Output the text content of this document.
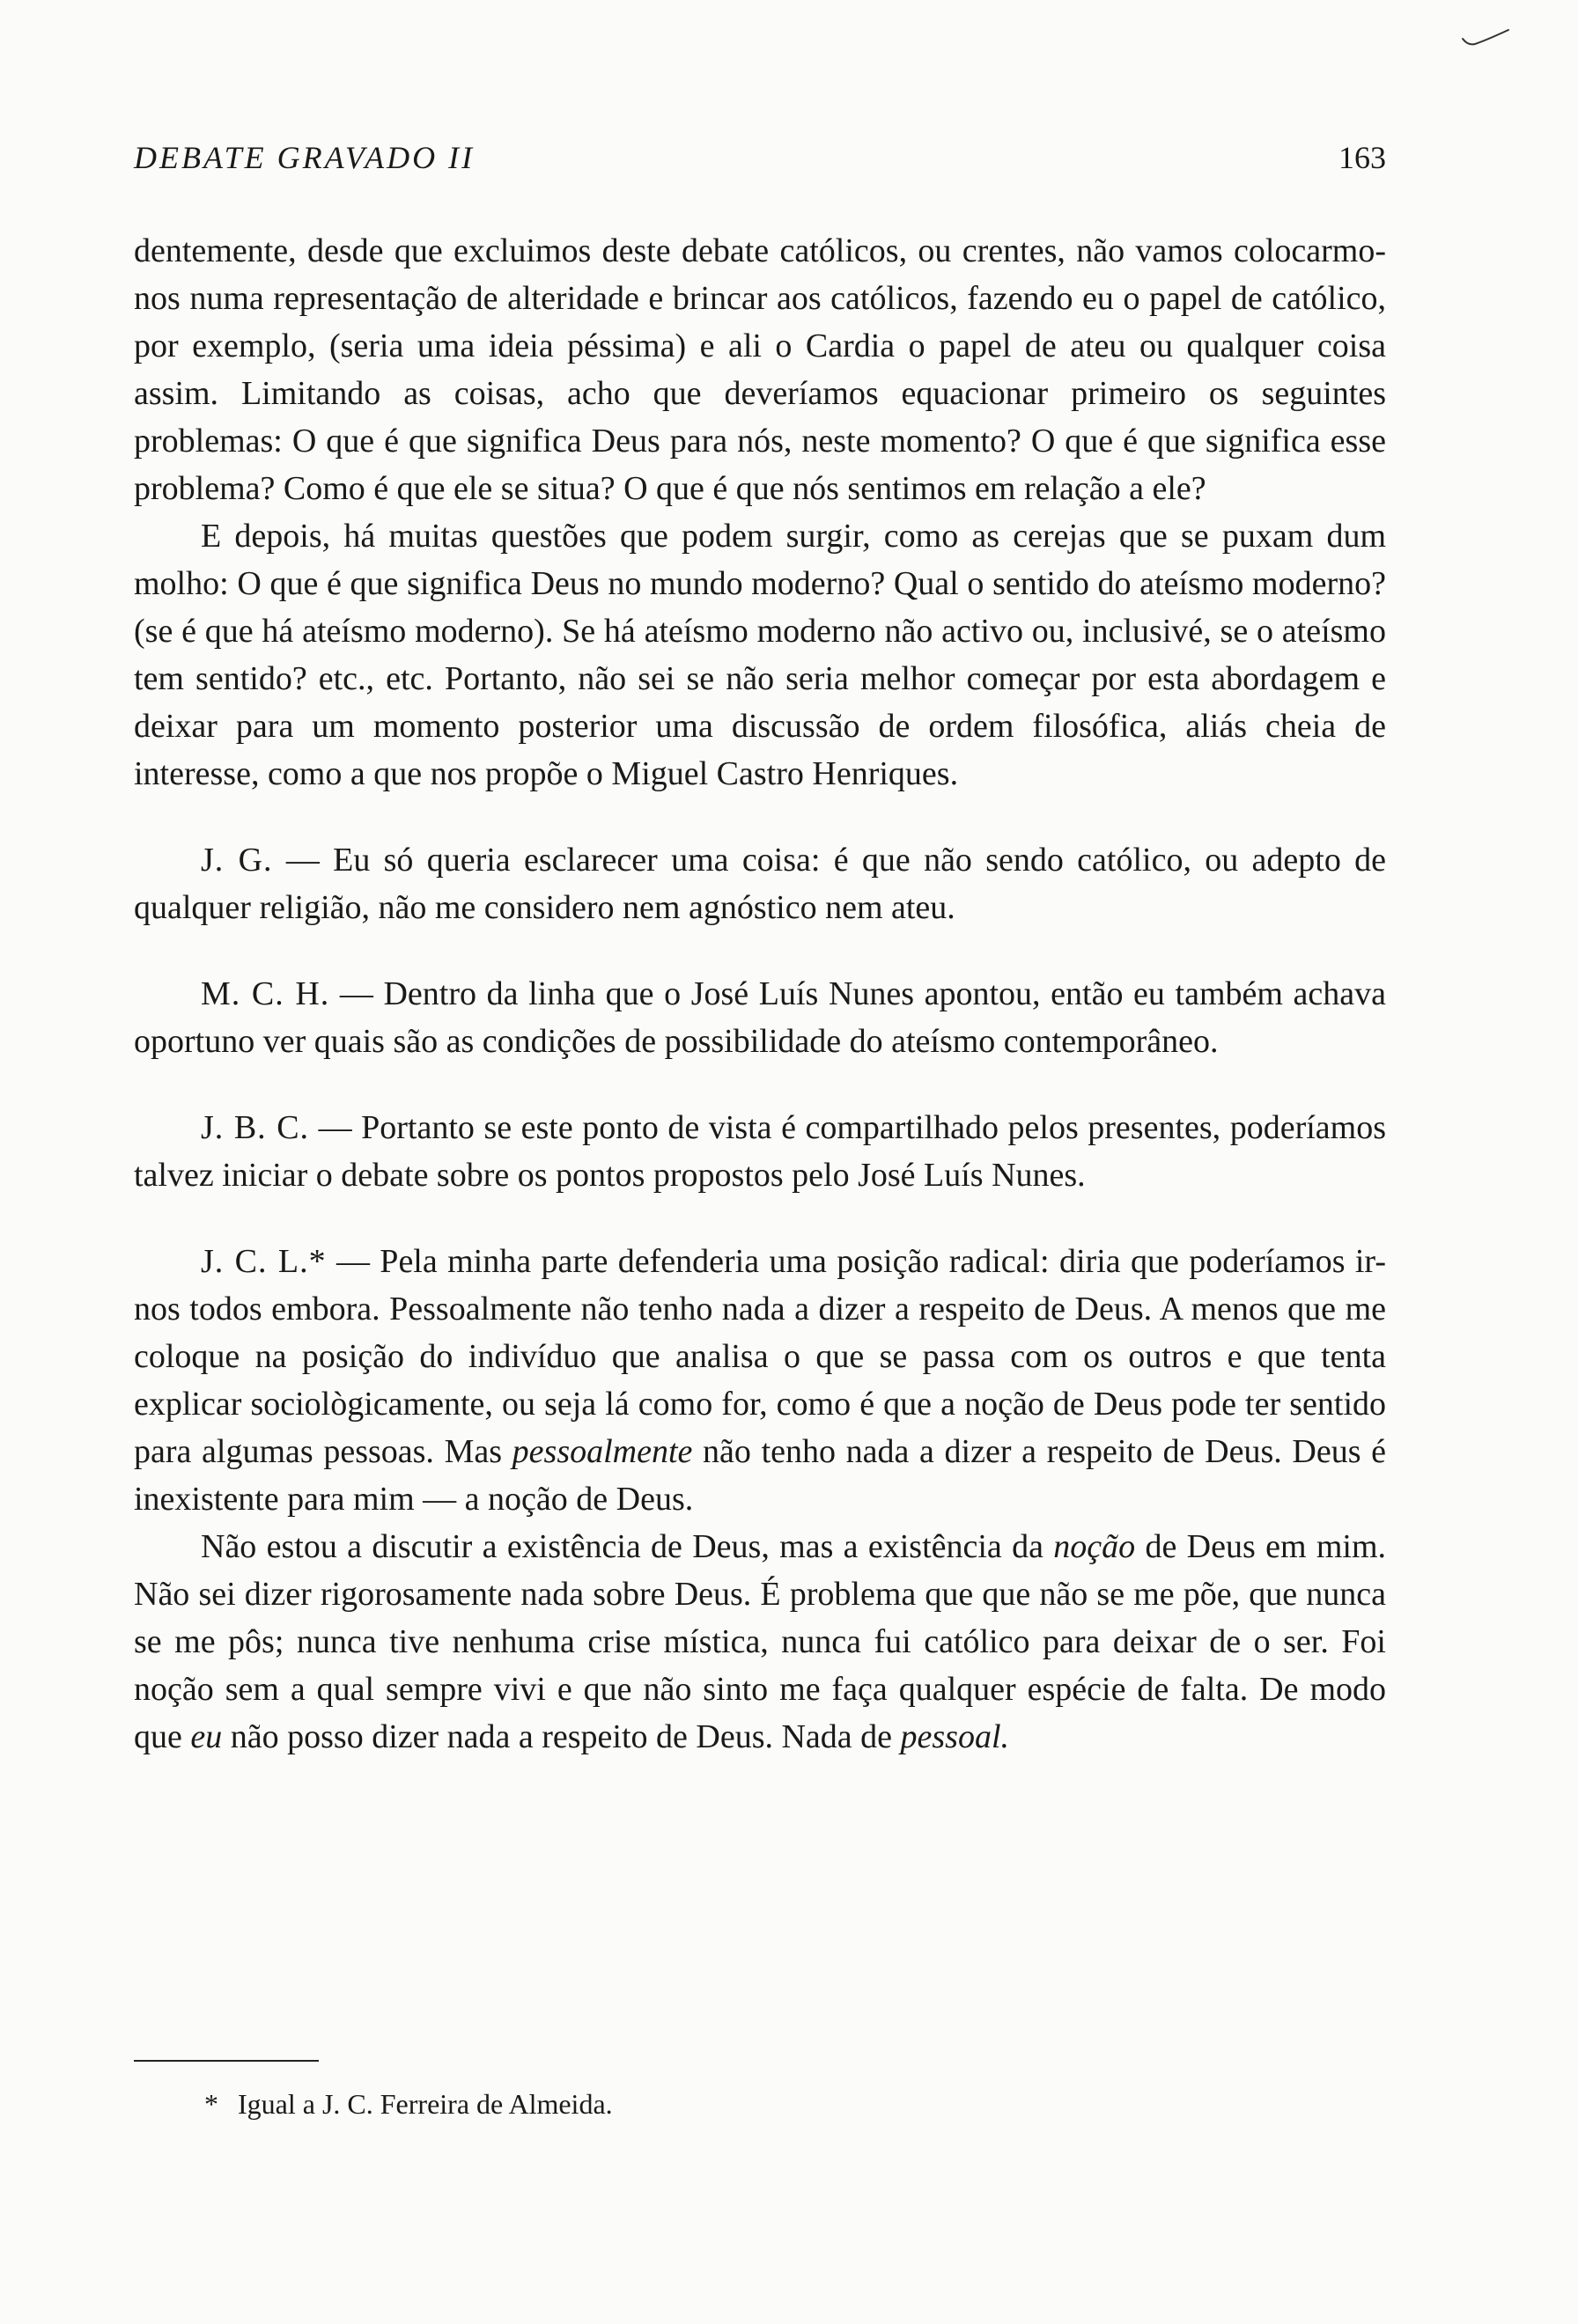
DEBATE GRAVADO II	163

dentemente, desde que excluimos deste debate católicos, ou crentes, não vamos colocarmo-nos numa representação de alteridade e brincar aos católicos, fazendo eu o papel de católico, por exemplo, (seria uma ideia péssima) e ali o Cardia o papel de ateu ou qualquer coisa assim. Limitando as coisas, acho que deveríamos equacionar primeiro os seguintes problemas: O que é que significa Deus para nós, neste momento? O que é que significa esse problema? Como é que ele se situa? O que é que nós sentimos em relação a ele?

E depois, há muitas questões que podem surgir, como as cerejas que se puxam dum molho: O que é que significa Deus no mundo moderno? Qual o sentido do ateísmo moderno? (se é que há ateísmo moderno). Se há ateísmo moderno não activo ou, inclusivé, se o ateísmo tem sentido? etc., etc. Portanto, não sei se não seria melhor começar por esta abordagem e deixar para um momento posterior uma discussão de ordem filosófica, aliás cheia de interesse, como a que nos propõe o Miguel Castro Henriques.

J. G. — Eu só queria esclarecer uma coisa: é que não sendo católico, ou adepto de qualquer religião, não me considero nem agnóstico nem ateu.

M. C. H. — Dentro da linha que o José Luís Nunes apontou, então eu também achava oportuno ver quais são as condições de possibilidade do ateísmo contemporâneo.

J. B. C. — Portanto se este ponto de vista é compartilhado pelos presentes, poderíamos talvez iniciar o debate sobre os pontos propostos pelo José Luís Nunes.

J. C. L.* — Pela minha parte defenderia uma posição radical: diria que poderíamos ir-nos todos embora. Pessoalmente não tenho nada a dizer a respeito de Deus. A menos que me coloque na posição do indivíduo que analisa o que se passa com os outros e que tenta explicar sociològicamente, ou seja lá como for, como é que a noção de Deus pode ter sentido para algumas pessoas. Mas pessoalmente não tenho nada a dizer a respeito de Deus. Deus é inexistente para mim — a noção de Deus.

Não estou a discutir a existência de Deus, mas a existência da noção de Deus em mim. Não sei dizer rigorosamente nada sobre Deus. É problema que que não se me põe, que nunca se me pôs; nunca tive nenhuma crise mística, nunca fui católico para deixar de o ser. Foi noção sem a qual sempre vivi e que não sinto me faça qualquer espécie de falta. De modo que eu não posso dizer nada a respeito de Deus. Nada de pessoal.

* Igual a J. C. Ferreira de Almeida.
